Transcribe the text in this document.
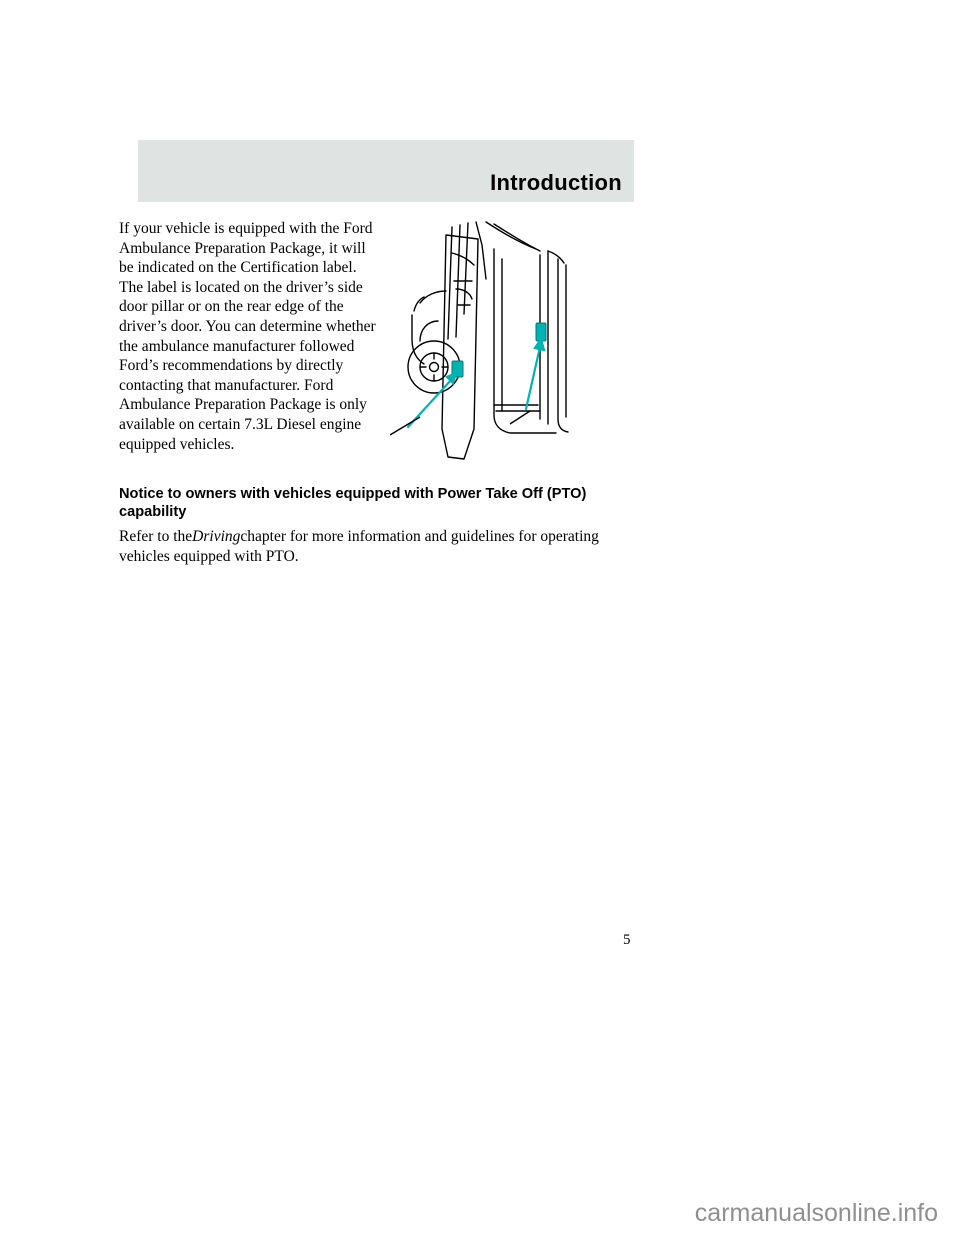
Introduction

If your vehicle is equipped with the Ford Ambulance Preparation Package, it will be indicated on the Certification label. The label is located on the driver’s side door pillar or on the rear edge of the driver’s door. You can determine whether the ambulance manufacturer followed Ford’s recommendations by directly contacting that manufacturer. Ford Ambulance Preparation Package is only available on certain 7.3L Diesel engine equipped vehicles.

Notice to owners with vehicles equipped with Power Take Off (PTO) capability
Refer to theDrivingchapter for more information and guidelines for operating vehicles equipped with PTO.
5
carmanualsonline.info
